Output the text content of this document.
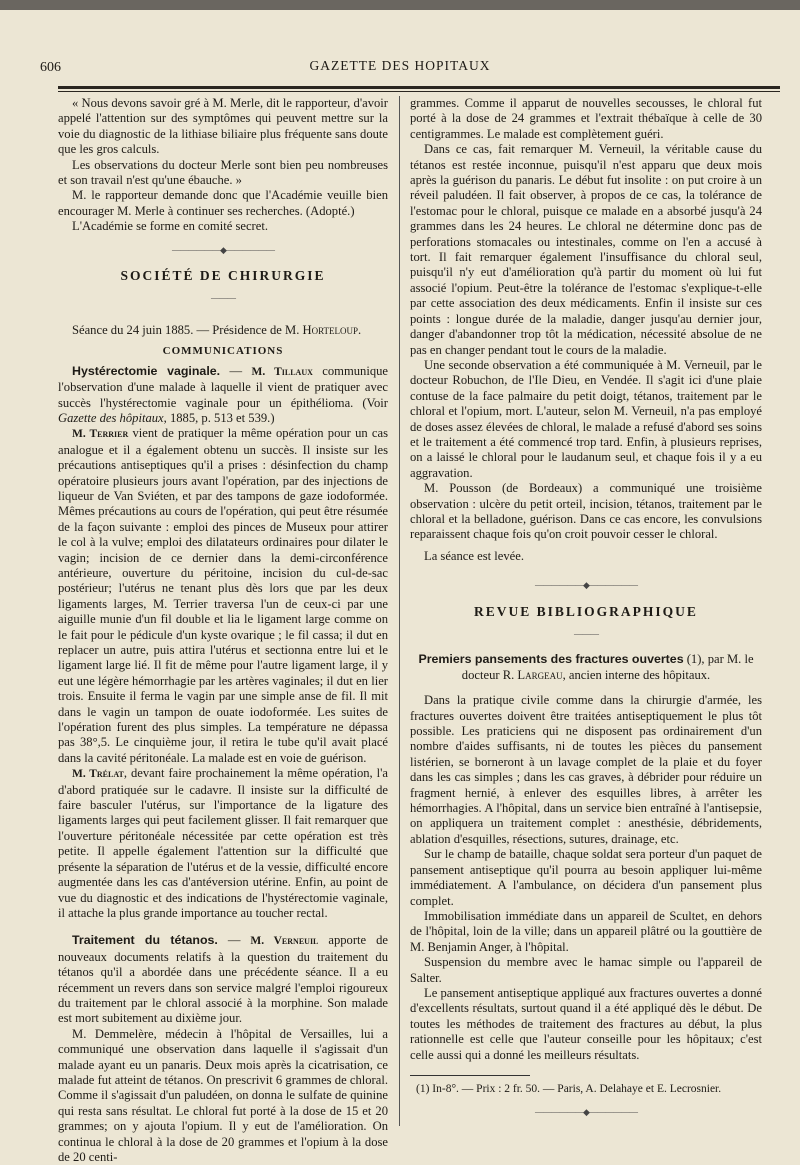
606	GAZETTE DES HOPITAUX

« Nous devons savoir gré à M. Merle, dit le rapporteur, d'avoir appelé l'attention sur des symptômes qui peuvent mettre sur la voie du diagnostic de la lithiase biliaire plus fréquente sans doute que les gros calculs.

Les observations du docteur Merle sont bien peu nombreuses et son travail n'est qu'une ébauche. »

M. le rapporteur demande donc que l'Académie veuille bien encourager M. Merle à continuer ses recherches. (Adopté.)

L'Académie se forme en comité secret.

——————◆——————
SOCIÉTÉ DE CHIRURGIE
———

Séance du 24 juin 1885. — Présidence de M. Horteloup.

COMMUNICATIONS

Hystérectomie vaginale. — M. Tillaux communique l'observation d'une malade à laquelle il vient de pratiquer avec succès l'hystérectomie vaginale pour un épithélioma. (Voir Gazette des hôpitaux, 1885, p. 513 et 539.)

M. Terrier vient de pratiquer la même opération pour un cas analogue et il a également obtenu un succès. Il insiste sur les précautions antiseptiques qu'il a prises : désinfection du champ opératoire plusieurs jours avant l'opération, par des injections de liqueur de Van Sviéten, et par des tampons de gaze iodoformée. Mêmes précautions au cours de l'opération, qui peut être résumée de la façon suivante : emploi des pinces de Museux pour attirer le col à la vulve; emploi des dilatateurs ordinaires pour dilater le vagin; incision de ce dernier dans la demi-circonférence antérieure, ouverture du péritoine, incision du cul-de-sac postérieur; l'utérus ne tenant plus dès lors que par les deux ligaments larges, M. Terrier traversa l'un de ceux-ci par une aiguille munie d'un fil double et lia le ligament large comme on le fait pour le pédicule d'un kyste ovarique ; le fil cassa; il dut en replacer un autre, puis attira l'utérus et sectionna entre lui et le ligament large lié. Il fit de même pour l'autre ligament large, il y eut une légère hémorrhagie par les artères vaginales; il dut en lier trois. Ensuite il ferma le vagin par une simple anse de fil. Il mit dans le vagin un tampon de ouate iodoformée. Les suites de l'opération furent des plus simples. La température ne dépassa pas 38°,5. Le cinquième jour, il retira le tube qu'il avait placé dans la cavité péritonéale. La malade est en voie de guérison.

M. Trélat, devant faire prochainement la même opération, l'a d'abord pratiquée sur le cadavre. Il insiste sur la difficulté de faire basculer l'utérus, sur l'importance de la ligature des ligaments larges qui peut facilement glisser. Il fait remarquer que l'ouverture péritonéale nécessitée par cette opération est très petite. Il appelle également l'attention sur la difficulté que présente la séparation de l'utérus et de la vessie, difficulté encore augmentée dans les cas d'antéversion utérine. Enfin, au point de vue du diagnostic et des indications de l'hystérectomie vaginale, il attache la plus grande importance au toucher rectal.

Traitement du tétanos. — M. Verneuil apporte de nouveaux documents relatifs à la question du traitement du tétanos qu'il a abordée dans une précédente séance. Il a eu récemment un revers dans son service malgré l'emploi rigoureux du traitement par le chloral associé à la morphine. Son malade est mort subitement au dixième jour.

M. Demmelère, médecin à l'hôpital de Versailles, lui a communiqué une observation dans laquelle il s'agissait d'un malade ayant eu un panaris. Deux mois après la cicatrisation, ce malade fut atteint de tétanos. On prescrivit 6 grammes de chloral. Comme il s'agissait d'un paludéen, on donna le sulfate de quinine qui resta sans résultat. Le chloral fut porté à la dose de 15 et 20 grammes; on y ajouta l'opium. Il y eut de l'amélioration. On continua le chloral à la dose de 20 grammes et l'opium à la dose de 20 centi-

grammes. Comme il apparut de nouvelles secousses, le chloral fut porté à la dose de 24 grammes et l'extrait thébaïque à celle de 30 centigrammes. Le malade est complètement guéri.

Dans ce cas, fait remarquer M. Verneuil, la véritable cause du tétanos est restée inconnue, puisqu'il n'est apparu que deux mois après la guérison du panaris. Le début fut insolite : on put croire à un réveil paludéen. Il fait observer, à propos de ce cas, la tolérance de l'estomac pour le chloral, puisque ce malade en a absorbé jusqu'à 24 grammes dans les 24 heures. Le chloral ne détermine donc pas de perforations stomacales ou intestinales, comme on l'en a accusé à tort. Il fait remarquer également l'insuffisance du chloral seul, puisqu'il n'y eut d'amélioration qu'à partir du moment où lui fut associé l'opium. Peut-être la tolérance de l'estomac s'explique-t-elle par cette association des deux médicaments. Enfin il insiste sur ces points : longue durée de la maladie, danger jusqu'au dernier jour, danger d'abandonner trop tôt la médication, nécessité absolue de ne pas en changer pendant tout le cours de la maladie.

Une seconde observation a été communiquée à M. Verneuil, par le docteur Robuchon, de l'Ile Dieu, en Vendée. Il s'agit ici d'une plaie contuse de la face palmaire du petit doigt, tétanos, traitement par le chloral et l'opium, mort. L'auteur, selon M. Verneuil, n'a pas employé de doses assez élevées de chloral, le malade a refusé d'abord ses soins et le traitement a été commencé trop tard. Enfin, à plusieurs reprises, on a laissé le chloral pour le laudanum seul, et chaque fois il y a eu aggravation.

M. Pousson (de Bordeaux) a communiqué une troisième observation : ulcère du petit orteil, incision, tétanos, traitement par le chloral et la belladone, guérison. Dans ce cas encore, les convulsions reparaissent chaque fois qu'on croit pouvoir cesser le chloral.

La séance est levée.

——————◆——————
REVUE BIBLIOGRAPHIQUE
———

Premiers pansements des fractures ouvertes (1), par M. le docteur R. Largeau, ancien interne des hôpitaux.

Dans la pratique civile comme dans la chirurgie d'armée, les fractures ouvertes doivent être traitées antiseptiquement le plus tôt possible. Les praticiens qui ne disposent pas ordinairement d'un nombre d'aides suffisants, ni de toutes les pièces du pansement listérien, se borneront à un lavage complet de la plaie et du foyer dans les cas simples ; dans les cas graves, à débrider pour réduire un fragment hernié, à enlever des esquilles libres, à arrêter les hémorrhagies. A l'hôpital, dans un service bien entraîné à l'antisepsie, on appliquera un traitement complet : anesthésie, débridements, ablation d'esquilles, résections, sutures, drainage, etc.

Sur le champ de bataille, chaque soldat sera porteur d'un paquet de pansement antiseptique qu'il pourra au besoin appliquer lui-même immédiatement. A l'ambulance, on décidera d'un pansement plus complet.

Immobilisation immédiate dans un appareil de Scultet, en dehors de l'hôpital, loin de la ville; dans un appareil plâtré ou la gouttière de M. Benjamin Anger, à l'hôpital.

Suspension du membre avec le hamac simple ou l'appareil de Salter.

Le pansement antiseptique appliqué aux fractures ouvertes a donné d'excellents résultats, surtout quand il a été appliqué dès le début. De toutes les méthodes de traitement des fractures au début, la plus rationnelle est celle que l'auteur conseille pour les hôpitaux; c'est celle aussi qui a donné les meilleurs résultats.

(1) In-8°. — Prix : 2 fr. 50. — Paris, A. Delahaye et E. Lecrosnier.

——————◆——————
